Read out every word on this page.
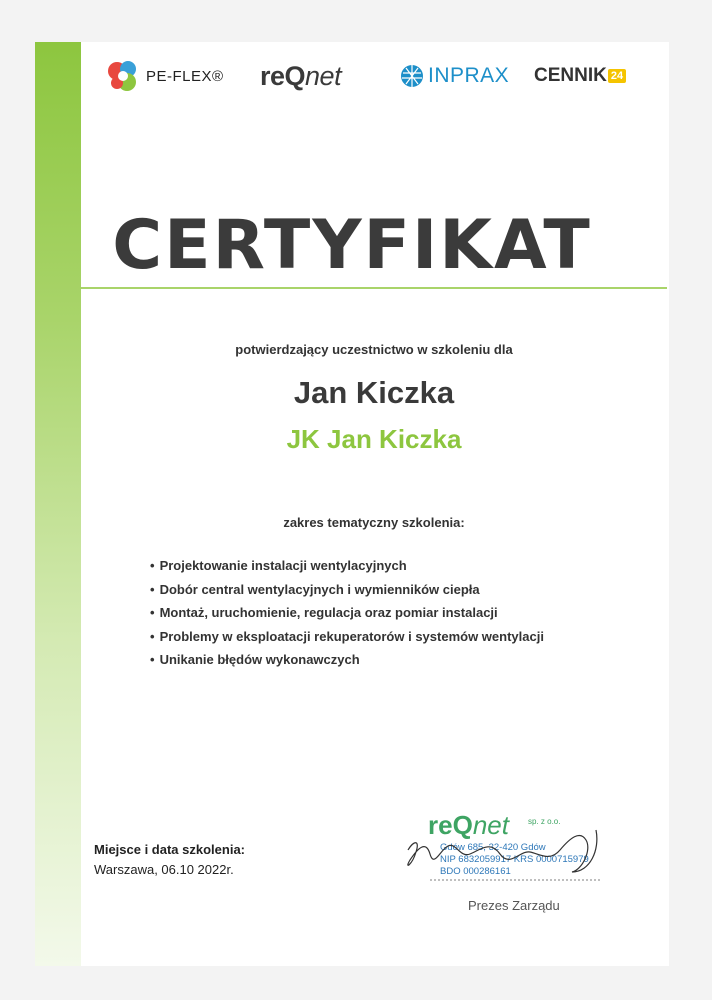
PE-FLEX® reQnet	INPRAX CENNIK 24
CERTYFIKAT
potwierdzający uczestnictwo w szkoleniu dla
Jan Kiczka
JK Jan Kiczka
zakres tematyczny szkolenia:
• Projektowanie instalacji wentylacyjnych
• Dobór central wentylacyjnych i wymienników ciepła
• Montaż, uruchomienie, regulacja oraz pomiar instalacji
• Problemy w eksploatacji rekuperatorów i systemów wentylacji
• Unikanie błędów wykonawczych
Miejsce i data szkolenia:
Warszawa, 06.10 2022r.
reQnet sp. z o.o.
Gdów 685, 32-420 Gdów
NIP 6832059917 KRS 0000715979
BDO 000286161
Prezes Zarządu
